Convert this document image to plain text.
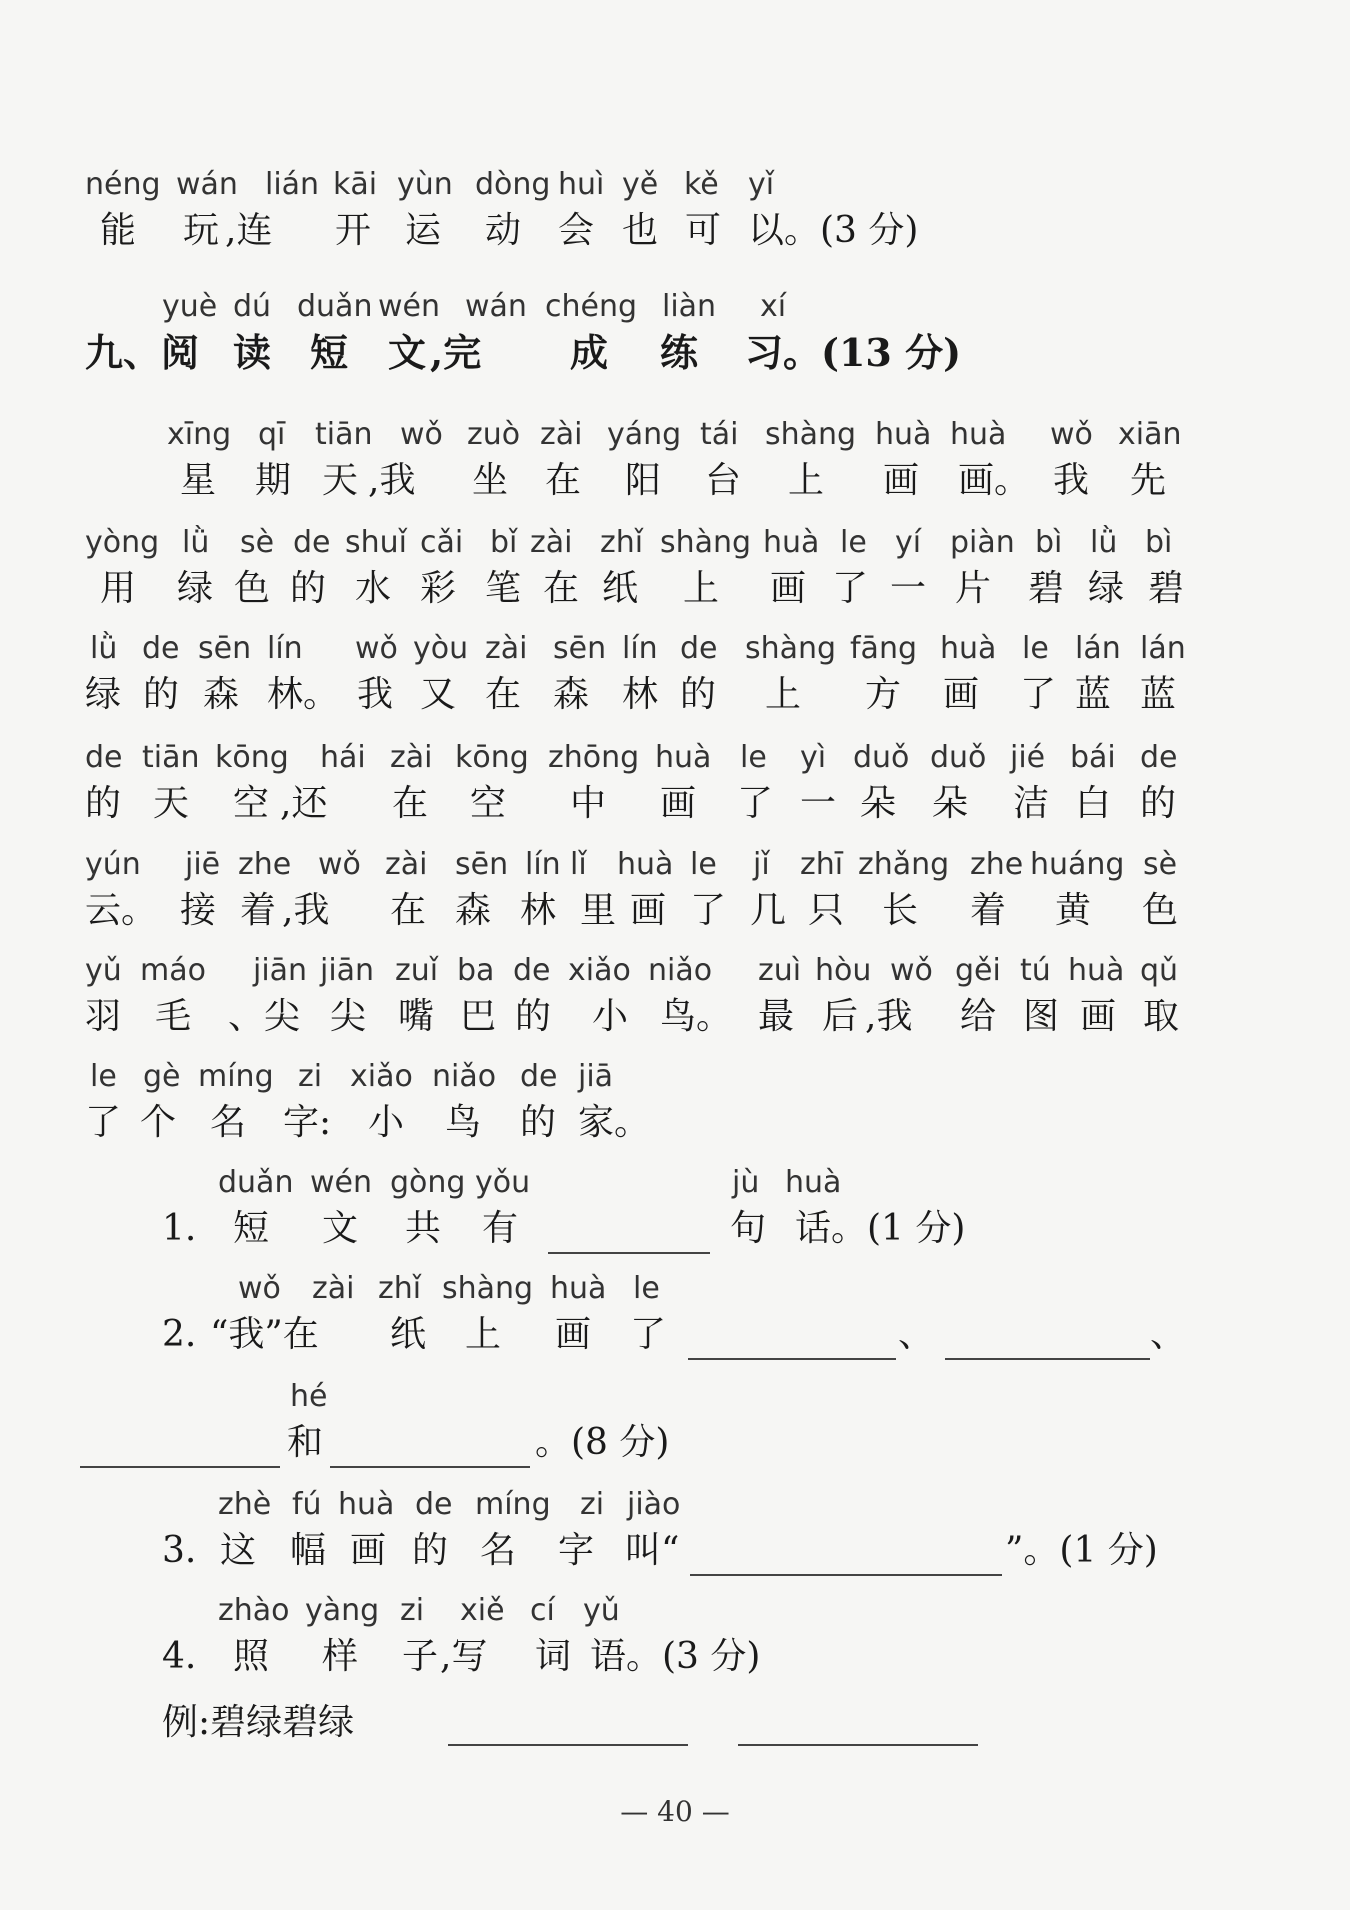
néng wán lián kāi yùn dòng huì yě kě yǐ
能 玩 ,连 开 运 动 会 也 可 以。(3 分)
yuè dú duǎn wén wán chéng liàn xí
九、阅 读 短 文 ,完 成 练 习。(13 分)
xīng qī tiān wǒ zuò zài yáng tái shàng huà huà wǒ xiān
星 期 天 ,我 坐 在 阳 台 上 画 画。 我 先
yòng lǜ sè de shuǐ cǎi bǐ zài zhǐ shàng huà le yí piàn bì lǜ bì
用 绿 色 的 水 彩 笔 在 纸 上 画 了 一 片 碧 绿 碧
lǜ de sēn lín wǒ yòu zài sēn lín de shàng fāng huà le lán lán
绿 的 森 林。 我 又 在 森 林 的 上 方 画 了 蓝 蓝
de tiān kōng hái zài kōng zhōng huà le yì duǒ duǒ jié bái de
的 天 空 ,还 在 空 中 画 了 一 朵 朵 洁 白 的
yún jiē zhe wǒ zài sēn lín lǐ huà le jǐ zhī zhǎng zhe huáng sè
云。 接 着 ,我 在 森 林 里 画 了 几 只 长 着 黄 色
yǔ máo jiān jiān zuǐ ba de xiǎo niǎo zuì hòu wǒ gěi tú huà qǔ
羽 毛 、尖 尖 嘴 巴 的 小 鸟。 最 后 ,我 给 图 画 取
le gè míng zi xiǎo niǎo de jiā
了 个 名 字: 小 鸟 的 家。
duǎn wén gòng yǒu	jù huà
1. 短 文 共 有	句 话。(1 分)
wǒ zài zhǐ shàng huà le
2. “我”在 纸 上 画 了	、	、
hé
和	。(8 分)
zhè fú huà de míng zi jiào
3. 这 幅 画 的 名 字 叫“	”。(1 分)
zhào yàng zi xiě cí yǔ
4. 照 样 子 ,写 词 语。(3 分)
例:碧绿碧绿
— 40 —
